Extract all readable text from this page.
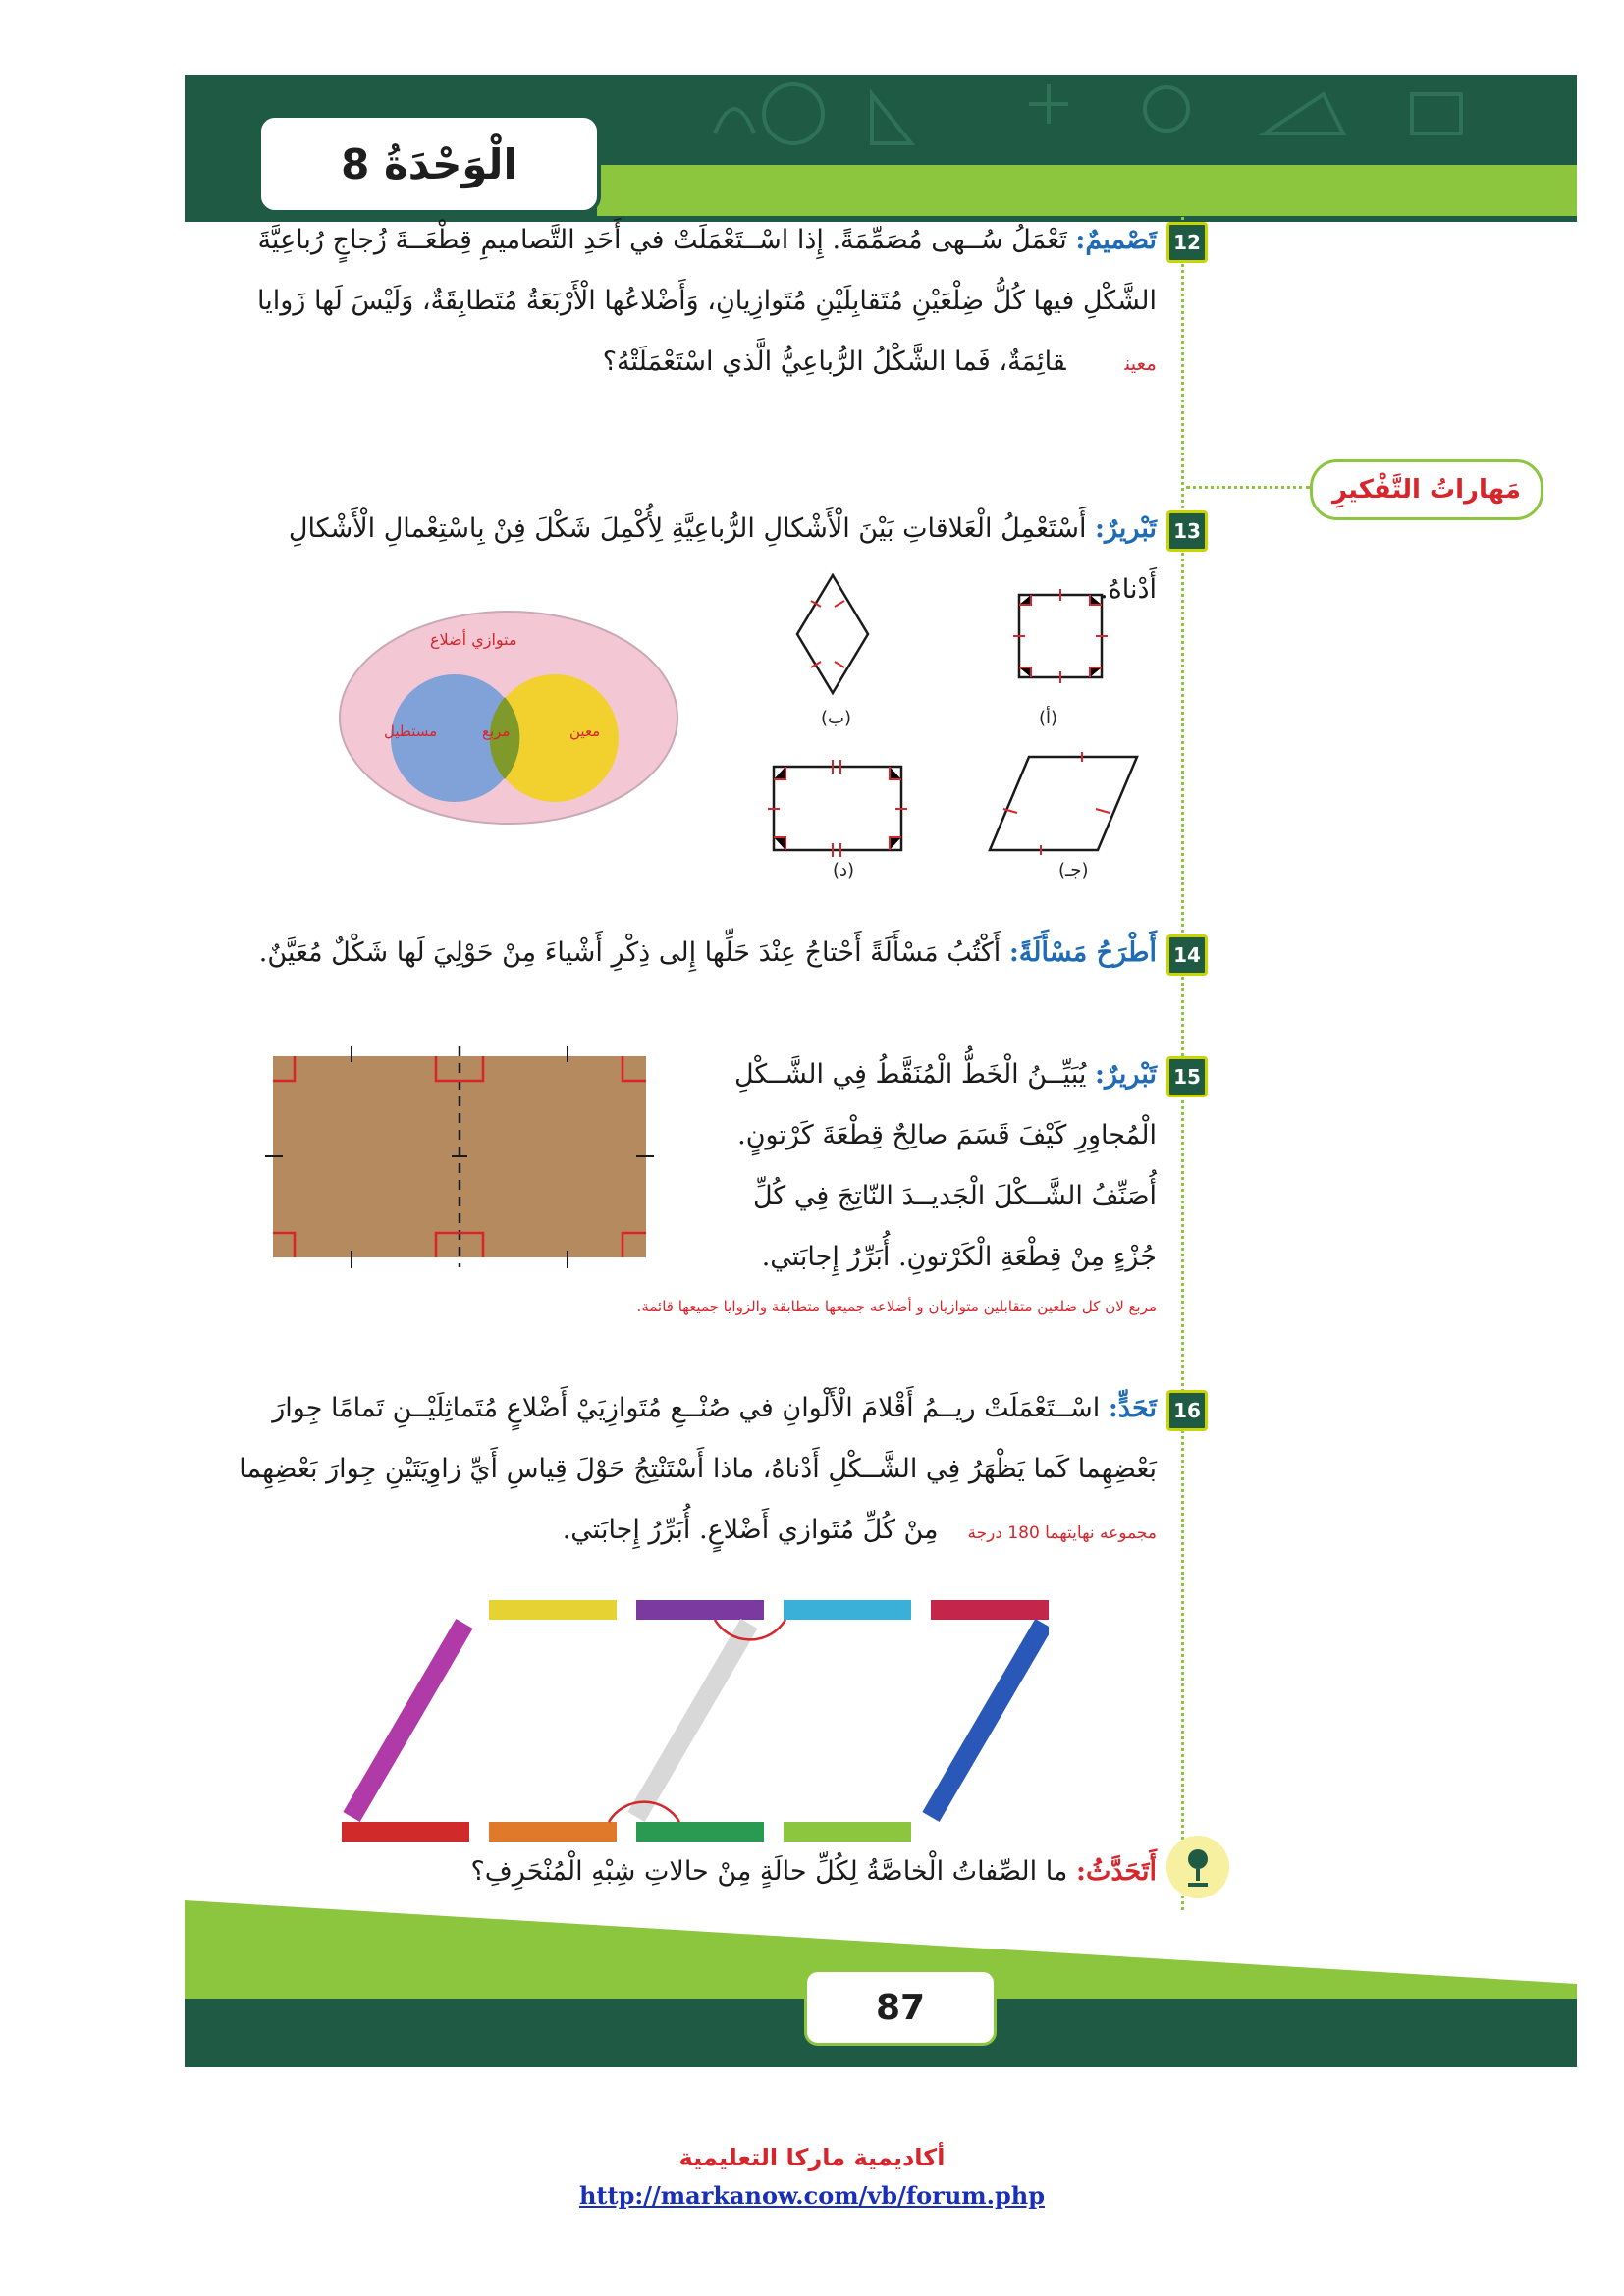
الْوَحْدَةُ 8
مَهاراتُ التَّفْكيرِ
12
تَصْميمٌ: تَعْمَلُ سُــهى مُصَمِّمَةً. إِذا اسْــتَعْمَلَتْ في أَحَدِ التَّصاميمِ قِطْعَــةَ زُجاجٍ رُباعِيَّةَ
الشَّكْلِ فيها كُلُّ ضِلْعَيْنِ مُتَقابِلَيْنِ مُتَوازِيانِ، وَأَضْلاعُها الْأَرْبَعَةُ مُتَطابِقَةٌ، وَلَيْسَ لَها زَوايا
معينقائِمَةٌ، فَما الشَّكْلُ الرُّباعِيُّ الَّذي اسْتَعْمَلَتْهُ؟
13
تَبْريرٌ: أَسْتَعْمِلُ الْعَلاقاتِ بَيْنَ الْأَشْكالِ الرُّباعِيَّةِ لِأُكْمِلَ شَكْلَ فِنْ بِاسْتِعْمالِ الْأَشْكالِ أَدْناهُ.
(أ)
(ب)
(جـ)
(د)
متوازي أضلاع
مستطيل	مربع	معين
14
أَطْرَحُ مَسْأَلَةً: أَكْتُبُ مَسْأَلَةً أَحْتاجُ عِنْدَ حَلِّها إِلى ذِكْرِ أَشْياءَ مِنْ حَوْلِيَ لَها شَكْلٌ مُعَيَّنٌ.
15
تَبْريرٌ: يُبَيِّــنُ الْخَطُّ الْمُنَقَّطُ فِي الشَّــكْلِ
الْمُجاوِرِ كَيْفَ قَسَمَ صالِحٌ قِطْعَةَ كَرْتونٍ.
أُصَنِّفُ الشَّــكْلَ الْجَديــدَ النّاتِجَ فِي كُلِّ
جُزْءٍ مِنْ قِطْعَةِ الْكَرْتونِ. أُبَرِّرُ إِجابَتي.
مربع لان كل ضلعين متقابلين متوازيان و أضلاعه جميعها متطابقة والزوايا جميعها قائمة.
16
تَحَدٍّ: اسْــتَعْمَلَتْ ريــمُ أَقْلامَ الْأَلْوانِ في صُنْــعِ مُتَوازِيَيْ أَضْلاعٍ مُتَماثِلَيْــنِ تَمامًا جِوارَ
بَعْضِهِما كَما يَظْهَرُ فِي الشَّــكْلِ أَدْناهُ، ماذا أَسْتَنْتِجُ حَوْلَ قِياسِ أَيِّ زاوِيَتَيْنِ جِوارَ بَعْضِهِما
مجموعه نهايتهما 180 درجةمِنْ كُلِّ مُتَوازي أَضْلاعٍ. أُبَرِّرُ إِجابَتي.
أَتَحَدَّثُ: ما الصِّفاتُ الْخاصَّةُ لِكُلِّ حالَةٍ مِنْ حالاتِ شِبْهِ الْمُنْحَرِفِ؟
87
أكاديمية ماركا التعليمية
http://markanow.com/vb/forum.php
